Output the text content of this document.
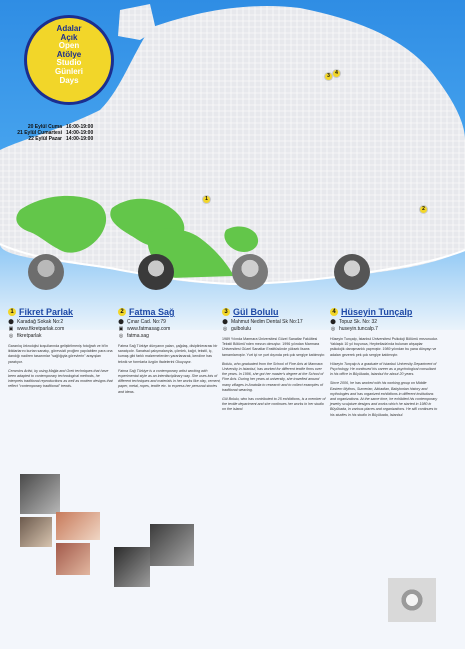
Adalar
Açık
Open
Atölye
Studio
Günleri
Days
20 Eylül Cuma 16:00-19:00
21 Eylül Cumartesi 14:00-19:00
22 Eylül Pazar 14:00-19:00
1
2
3	4
1 Fikret Parlak
⬤ Karadağ Sokak No:2
▣ www.fikretparlak.com
◎ fikretparlak

Garanlıq ürknolojisi koşullarında geliştirilmeniş fotoğrafı ve bi'in iktidarlarını kurtan sanatçı, görevsizli proğlen yapılabilen para ona dandığı nadiren tasarımlar "sağlığıyla görevlerin" arayışları yaratıyor.

Ceramics Artist, by using Mağia and Grek techniques that have been adapted to contemporary technological methods, he interprets traditional reproductions as well as modern designs that reflect "contemporary traditional" trends.

2 Fatma Sağ
⬤ Çınar Cad. No:79
▣ www.fatmasag.com
◎ fatma.sag

Fatma Sağ Türkiye dünyanın yaları, çağdaş, disiplinlerarası bir sanatçıdır. Sanatsal çalışmalarıyla, çömlek, kağıt, tekstil, iç, kumaş gibi farklı malzemelerden yararlanarak, kendine has teknik ve formlarla özgün ifadelerini Okuyuyor.

Fatma Sağ Türkiye is a contemporary artist working with experimental style as an interdisciplinary way. She uses lots of different techniques and materials in her works like clay, cement, paper, metal, ropes, textile etc. to express her personal stories and ideas.

3 Gül Bolulu
⬤ Mahmut Nedim Dental Sk No:17
◎ gulbolulu

1989 Yılında Marmara Üniversitesi Güzel Sanatlar Fakültesi Tekstil Bölümü'nden mezun olmuştur. 1996 yılından Marmara Üniversitesi Güzel Sanatlar Enstitüsünde yüksek lisans tamamlamıştır. Yurt içi ve yurt dışında pek çok sergiye katılmıştır.

Bolulu, who graduated from the School of Fine Arts at Marmara University in Istanbul, has worked for different textile firms over the years. In 1996, she got her master's degree at the School of Fine Arts. During her years at university, she travelled around many villages in Anatolia to research and to collect examples of traditional weaving.

Gül Bolulu, who has contributed to 25 exhibitions, is a member of the textile department and she continues her works in her studio on the island.

4 Hüseyin Tunçalp
⬤ Topuz Sk. No: 32
◎ huseyin.tuncalp.7

Hüseyin Tunçalp, İstanbul Üniversitesi Psikoloji Bölümü mezunudur. Yaklaşık 10 yıl boyunca, Heybeliada'nda bulunan ahşaplar psikolojik danışmanlık yapmıştır. 1989 yılından bu yana dünyayı ve adaları gezerek pek çok sergiye katılmıştır.

Hüseyin Tunçalp is a graduate of Istanbul University Department of Psychology. He continued his career as a psychological consultant in his office in Büyükada, Istanbul for about 20 years.

Since 2006, he has worked with his working group on Middle Eastern Mythos, Sumerian, Akkadian, Babylonian history and mythologies and has organized exhibitions in different institutions and organizations. At the same time, he exhibited his contemporary jewelry sculpture designs and works which he started in 1980 in Büyükada, in various places and organizations. He still continues to his studies in his studio in Büyükada, Istanbul.
